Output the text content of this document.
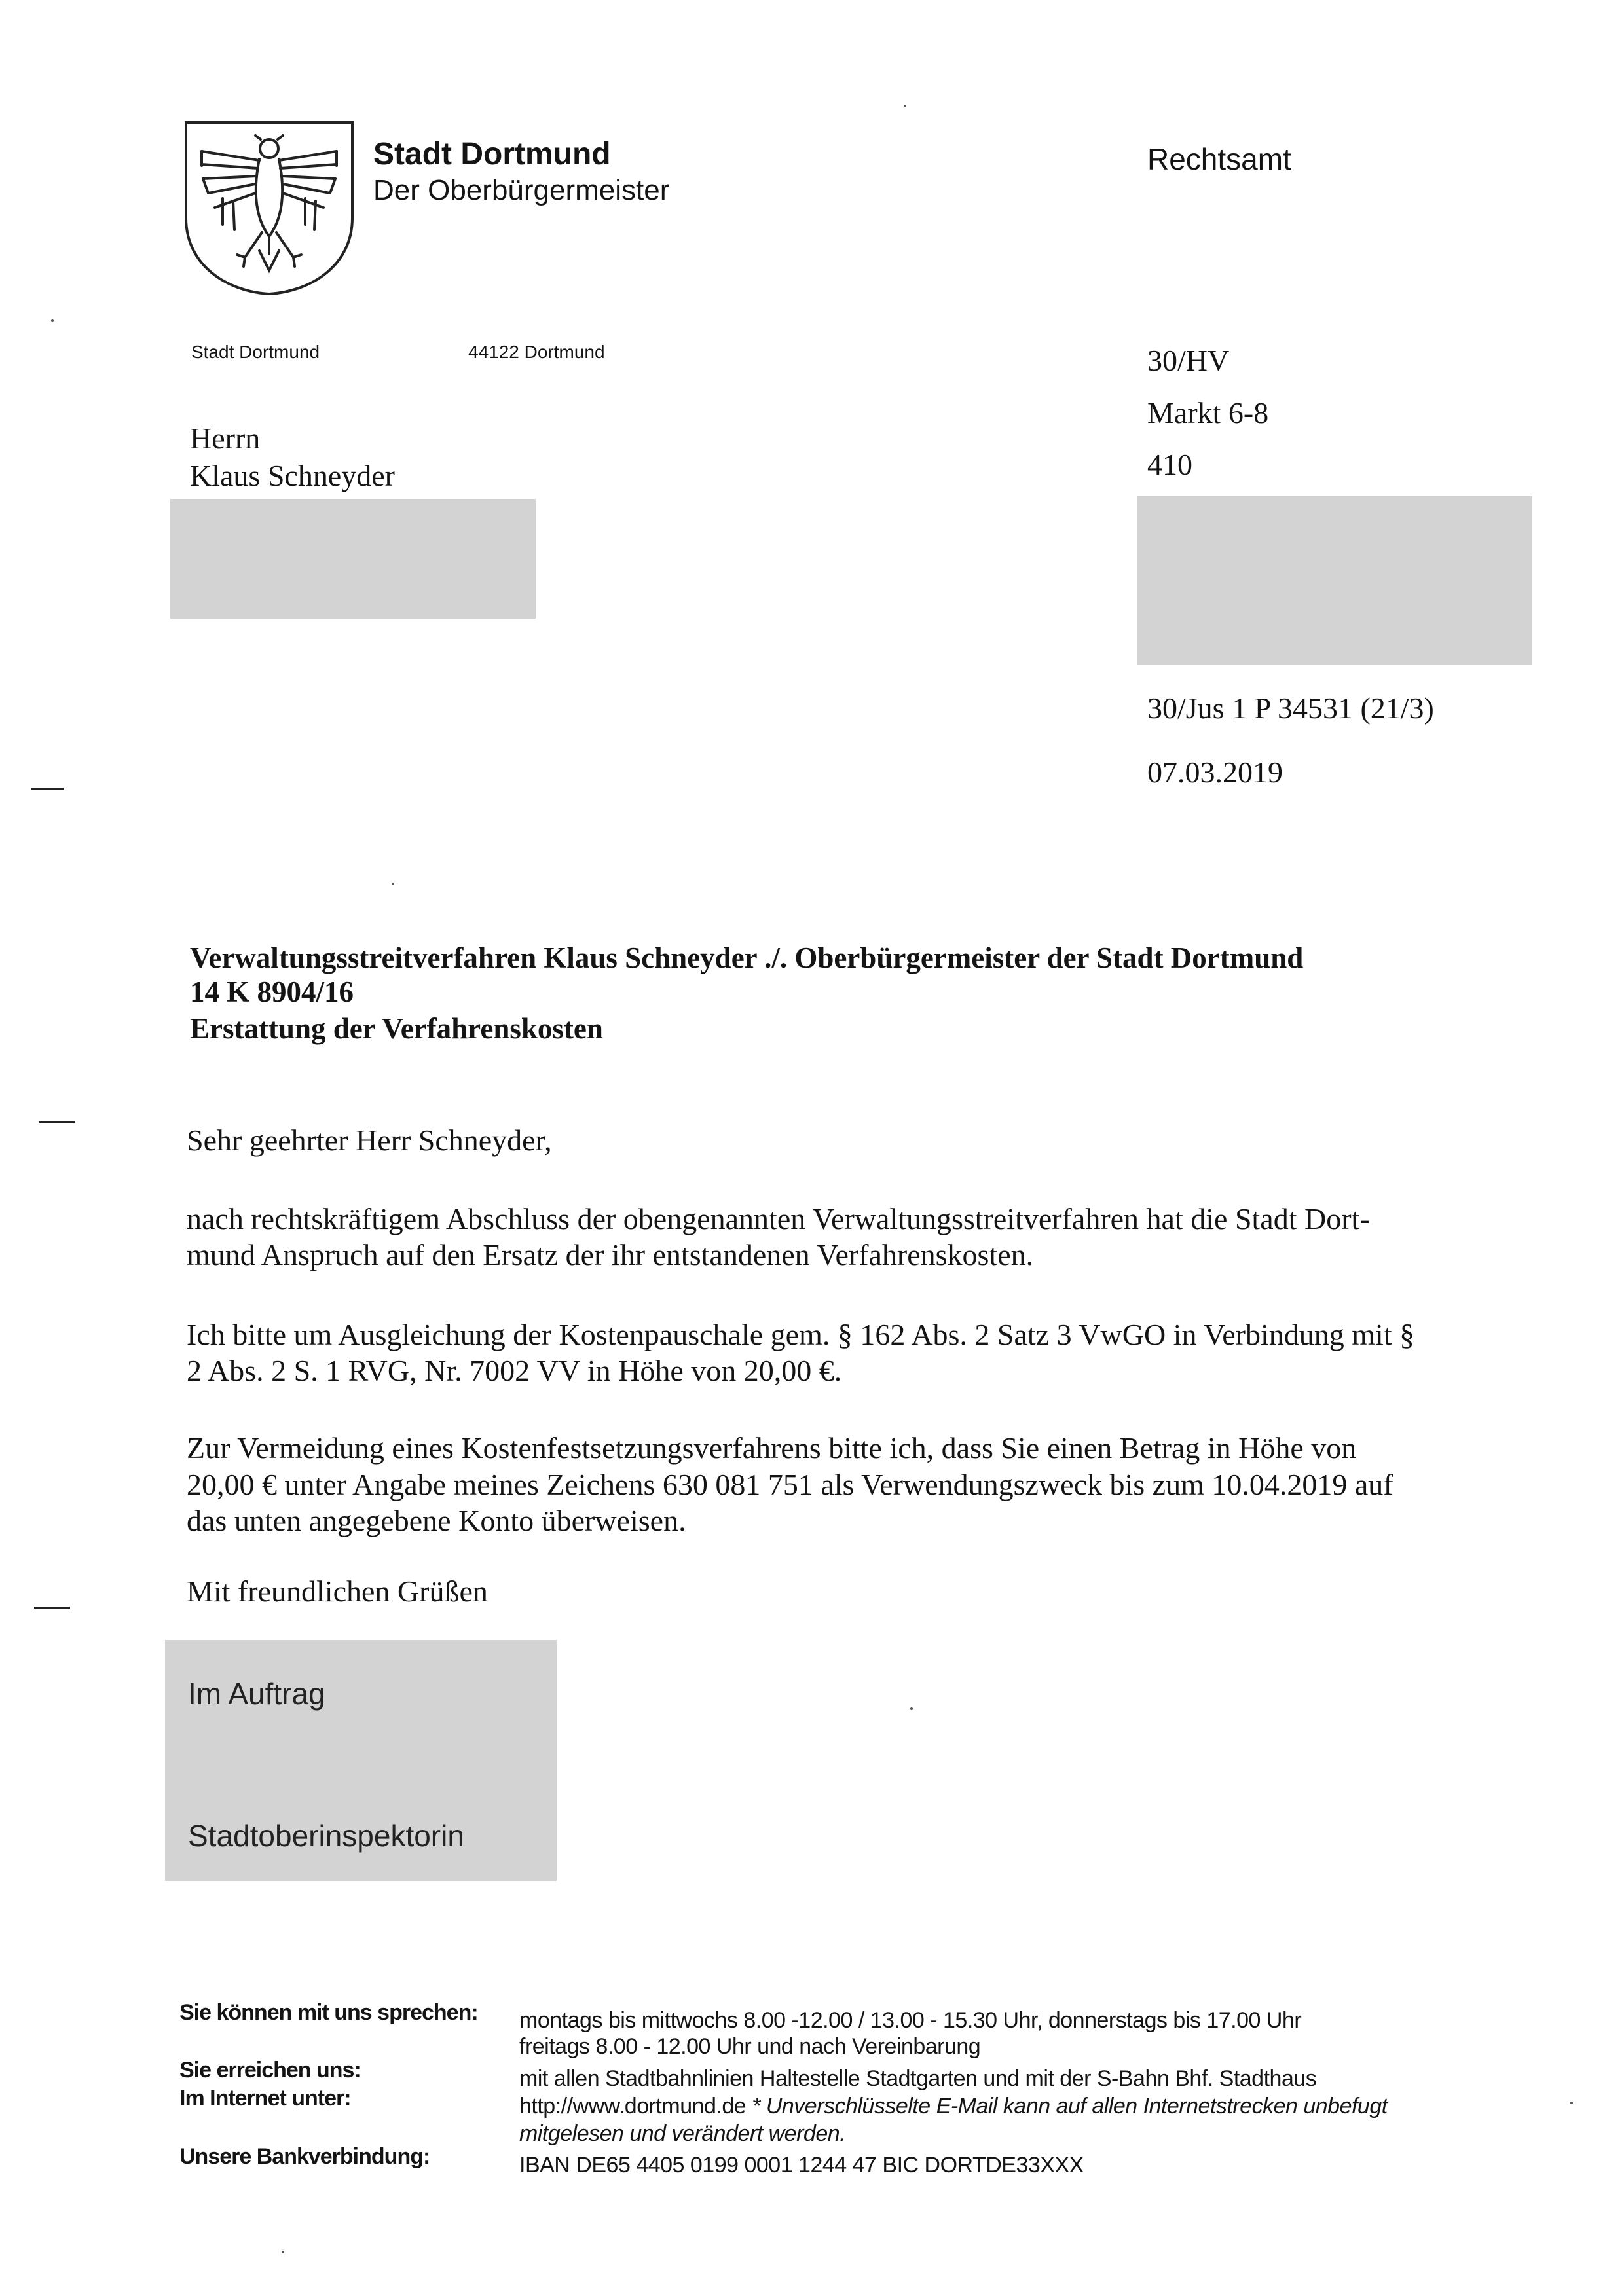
Stadt Dortmund
Der Oberbürgermeister
Rechtsamt
Stadt Dortmund	44122 Dortmund
Herrn
Klaus Schneyder
30/HV
Markt 6-8
410
30/Jus 1 P 34531 (21/3)
07.03.2019
Verwaltungsstreitverfahren Klaus Schneyder ./. Oberbürgermeister der Stadt Dortmund
14 K 8904/16
Erstattung der Verfahrenskosten
Sehr geehrter Herr Schneyder,
nach rechtskräftigem Abschluss der obengenannten Verwaltungsstreitverfahren hat die Stadt Dort-
mund Anspruch auf den Ersatz der ihr entstandenen Verfahrenskosten.
Ich bitte um Ausgleichung der Kostenpauschale gem. § 162 Abs. 2 Satz 3 VwGO in Verbindung mit §
2 Abs. 2 S. 1 RVG, Nr. 7002 VV in Höhe von 20,00 €.
Zur Vermeidung eines Kostenfestsetzungsverfahrens bitte ich, dass Sie einen Betrag in Höhe von
20,00 € unter Angabe meines Zeichens 630 081 751 als Verwendungszweck bis zum 10.04.2019 auf
das unten angegebene Konto überweisen.
Mit freundlichen Grüßen
Im Auftrag
Stadtoberinspektorin
Sie können mit uns sprechen: montags bis mittwochs 8.00 -12.00 / 13.00 - 15.30 Uhr, donnerstags bis 17.00 Uhr
freitags 8.00 - 12.00 Uhr und nach Vereinbarung
Sie erreichen uns:	mit allen Stadtbahnlinien Haltestelle Stadtgarten und mit der S-Bahn Bhf. Stadthaus
Im Internet unter:	http://www.dortmund.de * Unverschlüsselte E-Mail kann auf allen Internetstrecken unbefugt
mitgelesen und verändert werden.
Unsere Bankverbindung:	IBAN DE65 4405 0199 0001 1244 47 BIC DORTDE33XXX
